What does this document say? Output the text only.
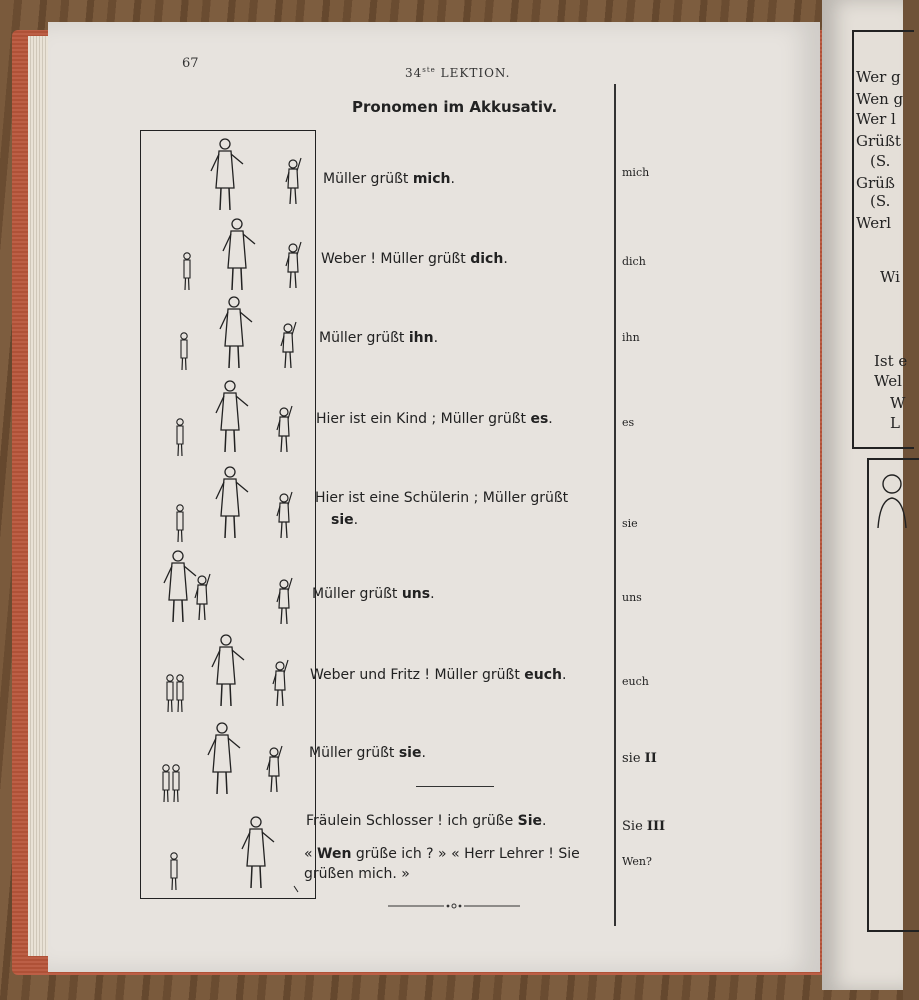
Wer g
Wen g
Wer l
Grüßt
(S.
Grüß
(S.
Werl
Wi
Ist e
Wel
W
L
67
34ste LEKTION.
Pronomen im Akkusativ.
Müller grüßt mich.	mich
Weber ! Müller grüßt dich.	dich
Müller grüßt ihn.	ihn
Hier ist ein Kind ; Müller grüßt es.	es
Hier ist eine Schülerin ; Müller grüßt
sie.	sie
Müller grüßt uns.	uns
Weber und Fritz ! Müller grüßt euch.	euch
Müller grüßt sie.	sie II
Fräulein Schlosser ! ich grüße Sie.	Sie III
« Wen grüße ich ? » « Herr Lehrer ! Sie
grüßen mich. »
Wen?
